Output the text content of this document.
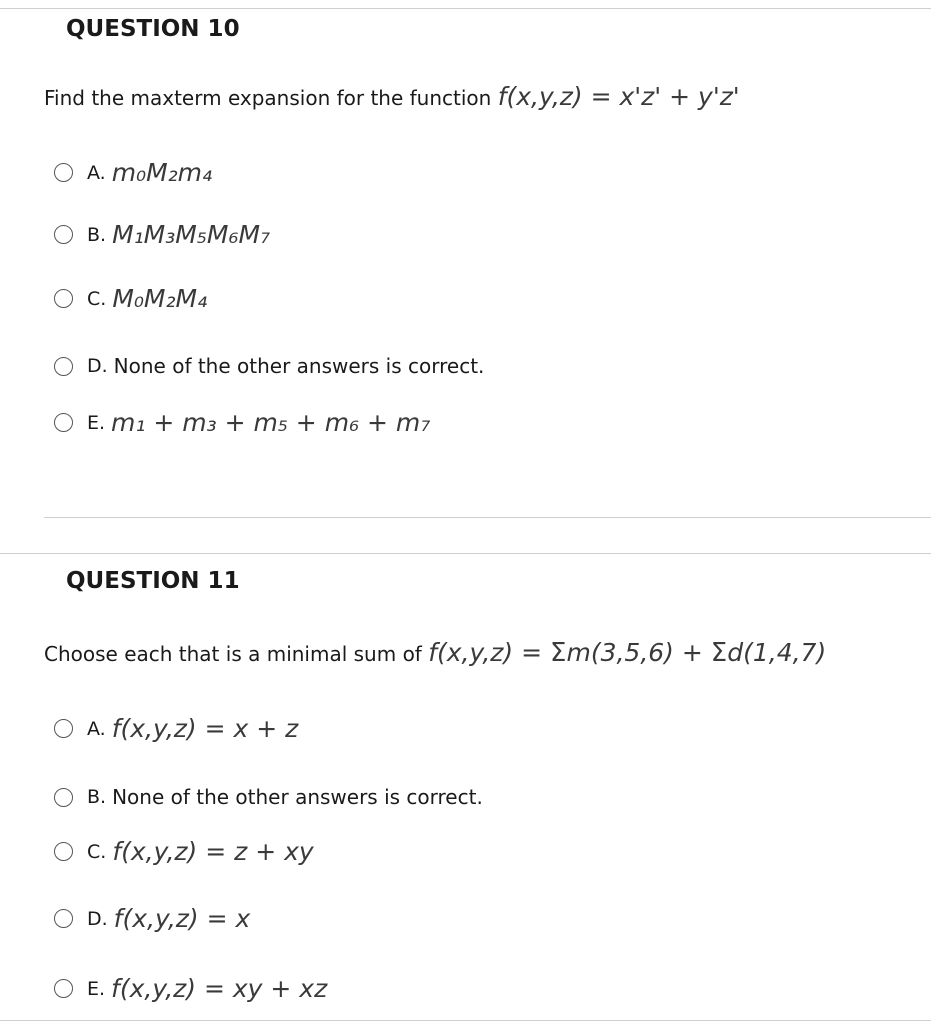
QUESTION 10
Find the maxterm expansion for the function f(x,y,z) = x'z' + y'z'
A. m₀M₂m₄
B. M₁M₃M₅M₆M₇
C. M₀M₂M₄
D. None of the other answers is correct.
E. m₁ + m₃ + m₅ + m₆ + m₇
QUESTION 11
Choose each that is a minimal sum of f(x,y,z) = Σm(3,5,6) + Σd(1,4,7)
A. f(x,y,z) = x + z
B. None of the other answers is correct.
C. f(x,y,z) = z + xy
D. f(x,y,z) = x
E. f(x,y,z) = xy + xz
